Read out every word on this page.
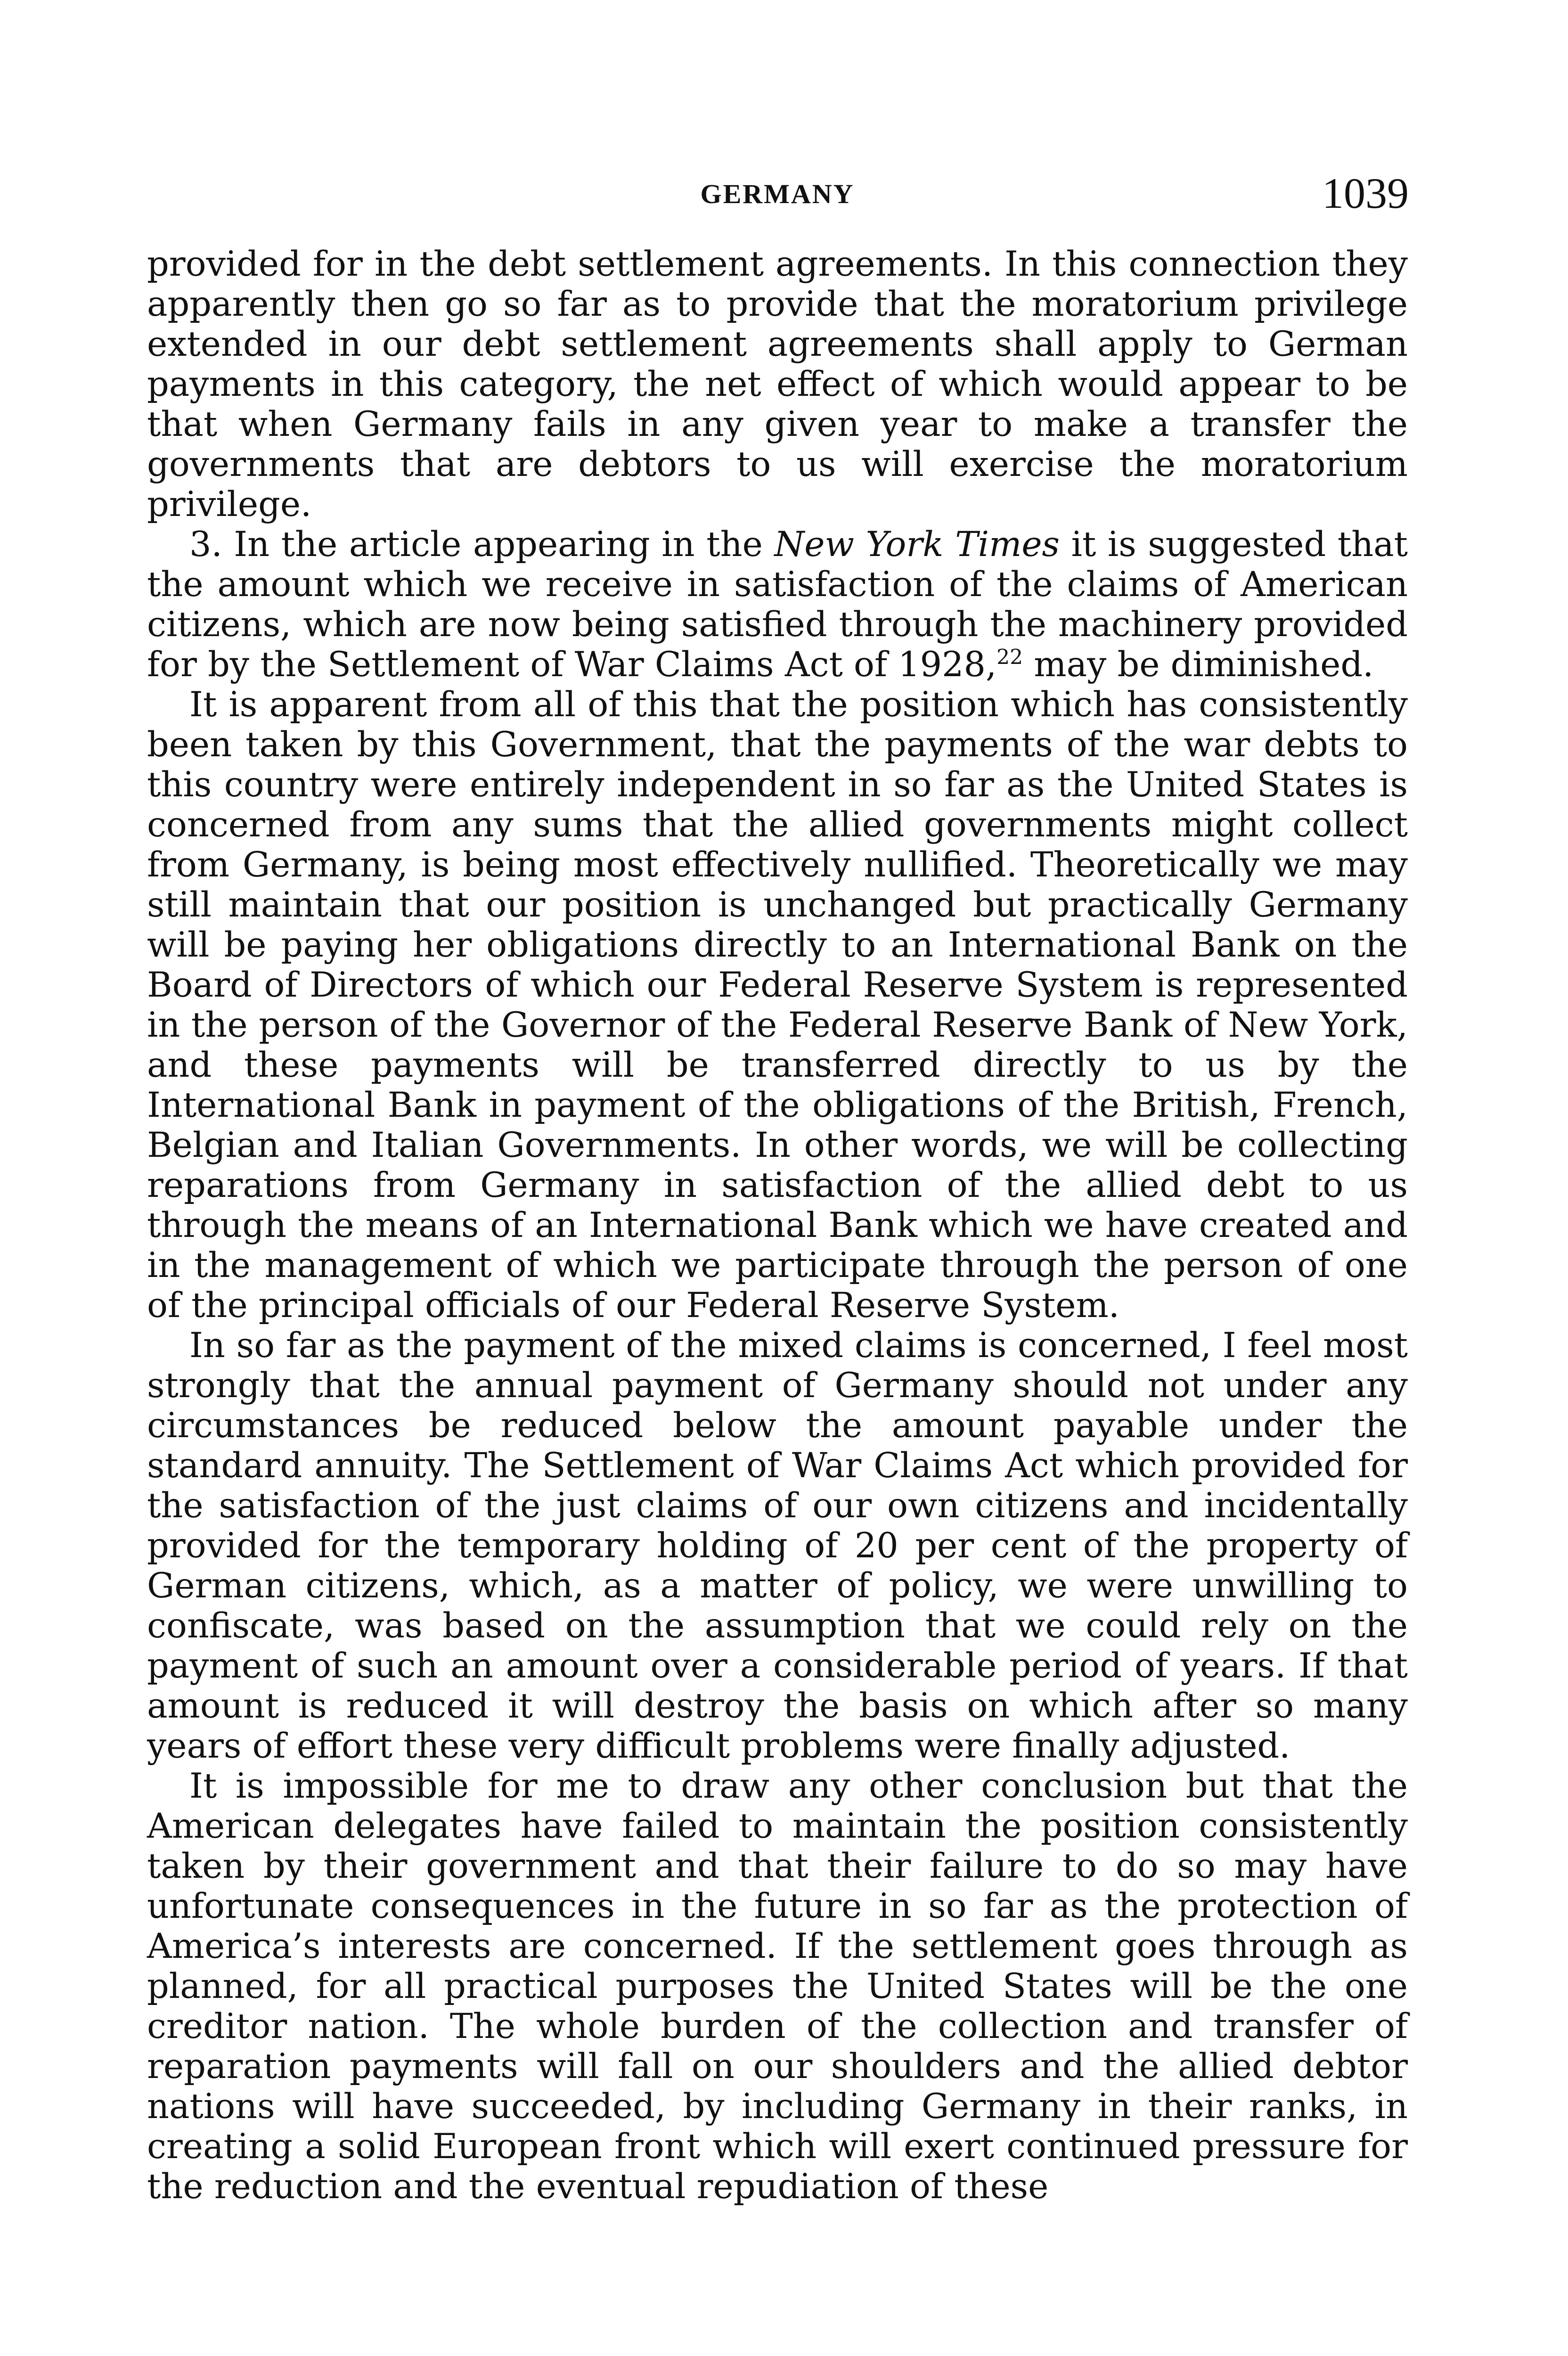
GERMANY	1039

provided for in the debt settlement agreements. In this connection they apparently then go so far as to provide that the moratorium privilege extended in our debt settlement agreements shall apply to German payments in this category, the net effect of which would appear to be that when Germany fails in any given year to make a transfer the governments that are debtors to us will exercise the moratorium privilege.

3. In the article appearing in the New York Times it is suggested that the amount which we receive in satisfaction of the claims of American citizens, which are now being satisfied through the machinery provided for by the Settlement of War Claims Act of 1928,22 may be diminished.

It is apparent from all of this that the position which has consistently been taken by this Government, that the payments of the war debts to this country were entirely independent in so far as the United States is concerned from any sums that the allied governments might collect from Germany, is being most effectively nullified. Theoretically we may still maintain that our position is unchanged but practically Germany will be paying her obligations directly to an International Bank on the Board of Directors of which our Federal Reserve System is represented in the person of the Governor of the Federal Reserve Bank of New York, and these payments will be transferred directly to us by the International Bank in payment of the obligations of the British, French, Belgian and Italian Governments. In other words, we will be collecting reparations from Germany in satisfaction of the allied debt to us through the means of an International Bank which we have created and in the management of which we participate through the person of one of the principal officials of our Federal Reserve System.

In so far as the payment of the mixed claims is concerned, I feel most strongly that the annual payment of Germany should not under any circumstances be reduced below the amount payable under the standard annuity. The Settlement of War Claims Act which provided for the satisfaction of the just claims of our own citizens and incidentally provided for the temporary holding of 20 per cent of the property of German citizens, which, as a matter of policy, we were unwilling to confiscate, was based on the assumption that we could rely on the payment of such an amount over a considerable period of years. If that amount is reduced it will destroy the basis on which after so many years of effort these very difficult problems were finally adjusted.

It is impossible for me to draw any other conclusion but that the American delegates have failed to maintain the position consistently taken by their government and that their failure to do so may have unfortunate consequences in the future in so far as the protection of America’s interests are concerned. If the settlement goes through as planned, for all practical purposes the United States will be the one creditor nation. The whole burden of the collection and transfer of reparation payments will fall on our shoulders and the allied debtor nations will have succeeded, by including Germany in their ranks, in creating a solid European front which will exert continued pressure for the reduction and the eventual repudiation of these
